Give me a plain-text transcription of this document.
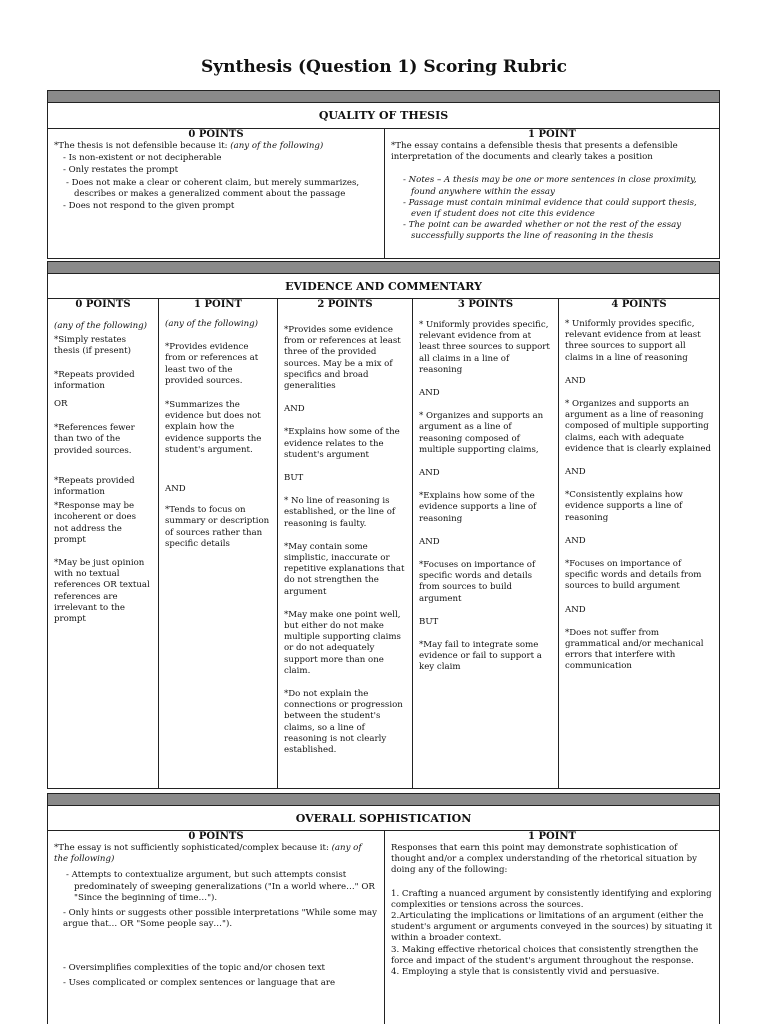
Synthesis (Question 1) Scoring Rubric
QUALITY OF THESIS
0 POINTS

*The thesis is not defensible because it: (any of the following)

- Is non-existent or not decipherable

- Only restates the prompt

- Does not make a clear or coherent claim, but merely summarizes, describes or makes a generalized comment about the passage

- Does not respond to the given prompt

1 POINT

*The essay contains a defensible thesis that presents a defensible interpretation of the documents and clearly takes a position

- Notes – A thesis may be one or more sentences in close proximity, found anywhere within the essay

- Passage must contain minimal evidence that could support thesis, even if student does not cite this evidence

- The point can be awarded whether or not the rest of the essay successfully supports the line of reasoning in the thesis

EVIDENCE AND COMMENTARY
0 POINTS

(any of the following)

*Simply restates thesis (if present)

*Repeats provided information

OR

*References fewer than two of the provided sources.

*Repeats provided information

*Response may be incoherent or does not address the prompt

*May be just opinion with no textual references OR textual references are irrelevant to the prompt

1 POINT

(any of the following)

*Provides evidence from or references at least two of the provided sources.

*Summarizes the evidence but does not explain how the evidence supports the student's argument.

AND

*Tends to focus on summary or description of sources rather than specific details

2 POINTS

*Provides some evidence from or references at least three of the provided sources. May be a mix of specifics and broad generalities

AND

*Explains how some of the evidence relates to the student's argument

BUT

* No line of reasoning is established, or the line of reasoning is faulty.

*May contain some simplistic, inaccurate or repetitive explanations that do not strengthen the argument

*May make one point well, but either do not make multiple supporting claims or do not adequately support more than one claim.

*Do not explain the connections or progression between the student's claims, so a line of reasoning is not clearly established.

3 POINTS

* Uniformly provides specific, relevant evidence from at least three sources to support all claims in a line of reasoning

AND

* Organizes and supports an argument as a line of reasoning composed of multiple supporting claims,

AND

*Explains how some of the evidence supports a line of reasoning

AND

*Focuses on importance of specific words and details from sources to build argument

BUT

*May fail to integrate some evidence or fail to support a key claim

4 POINTS

* Uniformly provides specific, relevant evidence from at least three sources to support all claims in a line of reasoning

AND

* Organizes and supports an argument as a line of reasoning composed of multiple supporting claims, each with adequate evidence that is clearly explained

AND

*Consistently explains how evidence supports a line of reasoning

AND

*Focuses on importance of specific words and details from sources to build argument

AND

*Does not suffer from grammatical and/or mechanical errors that interfere with communication

OVERALL SOPHISTICATION
0 POINTS

*The essay is not sufficiently sophisticated/complex because it: (any of the following)

- Attempts to contextualize argument, but such attempts consist predominately of sweeping generalizations ("In a world where…" OR "Since the beginning of time…").

- Only hints or suggests other possible interpretations "While some may argue that… OR "Some people say…").

- Oversimplifies complexities of the topic and/or chosen text

- Uses complicated or complex sentences or language that are

1 POINT

Responses that earn this point may demonstrate sophistication of thought and/or a complex understanding of the rhetorical situation by doing any of the following:

1. Crafting a nuanced argument by consistently identifying and exploring complexities or tensions across the sources.

2.Articulating the implications or limitations of an argument (either the student's argument or arguments conveyed in the sources) by situating it within a broader context.

3. Making effective rhetorical choices that consistently strengthen the force and impact of the student's argument throughout the response.

4. Employing a style that is consistently vivid and persuasive.
